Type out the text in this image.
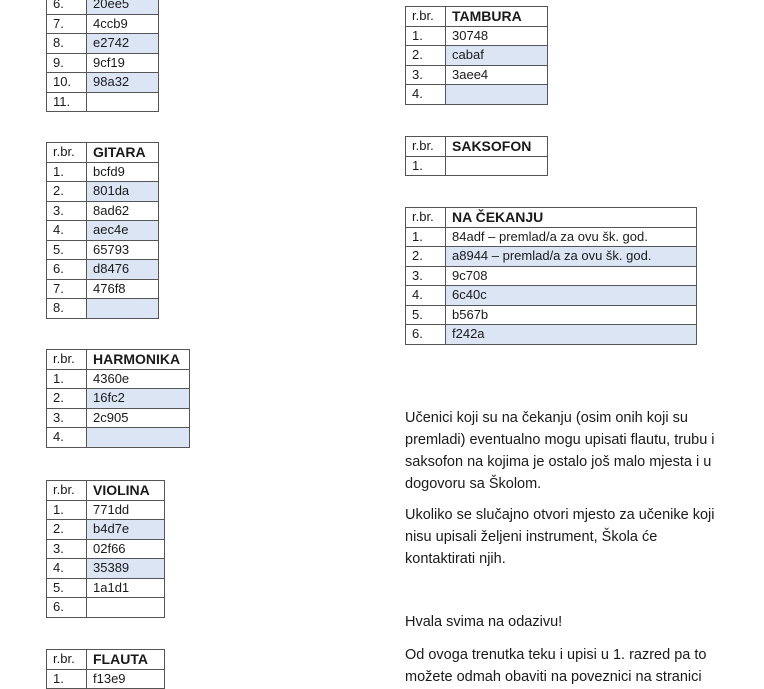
6.	20ee5
7.	4ccb9
8.	e2742
9.	9cf19
10.	98a32
11.	
r.br.	GITARA
1.	bcfd9
2.	801da
3.	8ad62
4.	aec4e
5.	65793
6.	d8476
7.	476f8
8.	
r.br.	HARMONIKA
1.	4360e
2.	16fc2
3.	2c905
4.	
r.br.	VIOLINA
1.	771dd
2.	b4d7e
3.	02f66
4.	35389
5.	1a1d1
6.	
r.br.	FLAUTA
1.	f13e9
r.br.	TAMBURA
1.	30748
2.	cabaf
3.	3aee4
4.	
r.br.	SAKSOFON
1.	
r.br.	NA ČEKANJU
1.	84adf – premlad/a za ovu šk. god.
2.	a8944 – premlad/a za ovu šk. god.
3.	9c708
4.	6c40c
5.	b567b
6.	f242a

Učenici koji su na čekanju (osim onih koji su premladi) eventualno mogu upisati flautu, trubu i saksofon na kojima je ostalo još malo mjesta i u dogovoru sa Školom.

Ukoliko se slučajno otvori mjesto za učenike koji nisu upisali željeni instrument, Škola će kontaktirati njih.

Hvala svima na odazivu!

Od ovoga trenutka teku i upisi u 1. razred pa to možete odmah obaviti na poveznici na stranici
